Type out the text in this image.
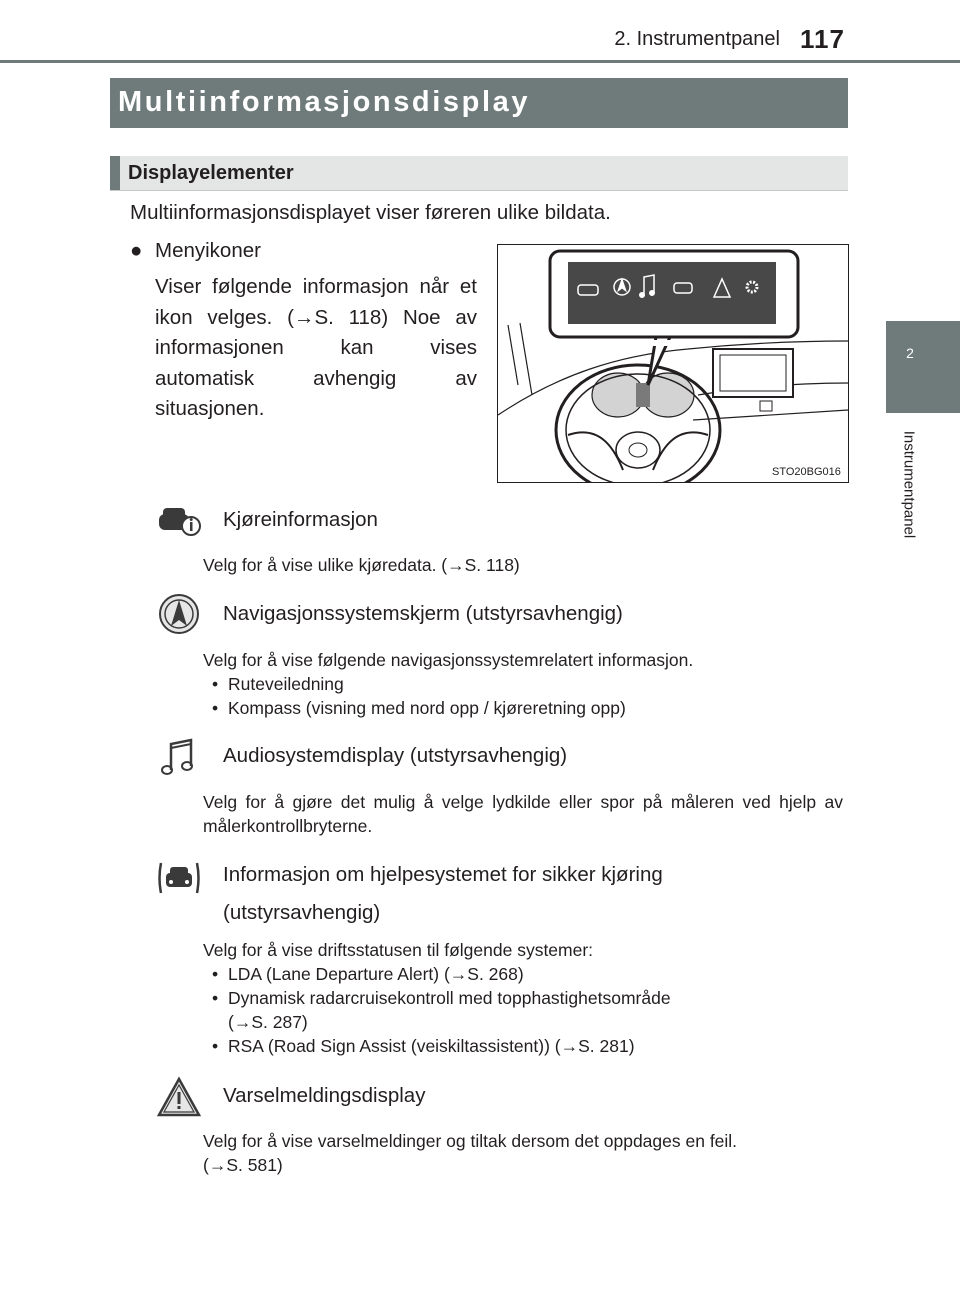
2. Instrumentpanel 117
2
Instrumentpanel
Multiinformasjonsdisplay
Displayelementer
Multiinformasjonsdisplayet viser føreren ulike bildata.
● Menyikoner
Viser følgende informasjon når et ikon velges. (→S. 118) Noe av informasjonen kan vises automatisk avhengig av situasjonen.
STO20BG016
Kjøreinformasjon
Velg for å vise ulike kjøredata. (→S. 118)
Navigasjonssystemskjerm (utstyrsavhengig)
Velg for å vise følgende navigasjonssystemrelatert informasjon.
• Ruteveiledning
• Kompass (visning med nord opp / kjøreretning opp)
Audiosystemdisplay (utstyrsavhengig)
Velg for å gjøre det mulig å velge lydkilde eller spor på måleren ved hjelp av målerkontrollbryterne.
Informasjon om hjelpesystemet for sikker kjøring
(utstyrsavhengig)
Velg for å vise driftsstatusen til følgende systemer:
• LDA (Lane Departure Alert) (→S. 268)
• Dynamisk radarcruisekontroll med topphastighetsområde
(→S. 287)
• RSA (Road Sign Assist (veiskiltassistent)) (→S. 281)
Varselmeldingsdisplay
Velg for å vise varselmeldinger og tiltak dersom det oppdages en feil.
(→S. 581)
